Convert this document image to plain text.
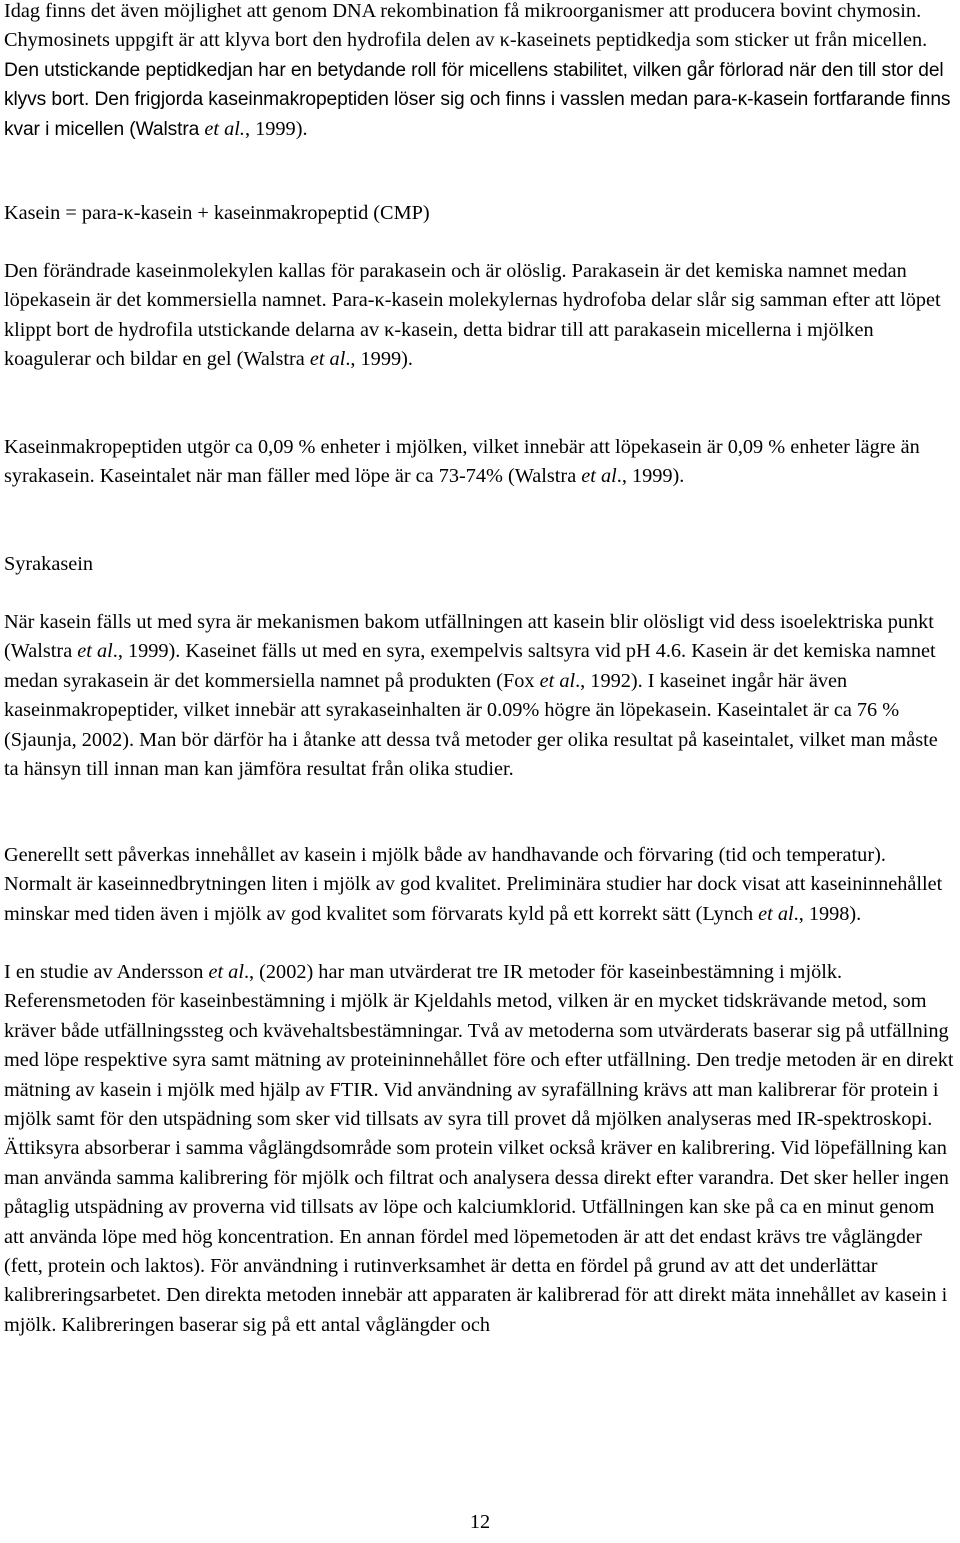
Idag finns det även möjlighet att genom DNA rekombination få mikroorganismer att producera bovint chymosin. Chymosinets uppgift är att klyva bort den hydrofila delen av κ-kaseinets peptidkedja som sticker ut från micellen. Den utstickande peptidkedjan har en betydande roll för micellens stabilitet, vilken går förlorad när den till stor del klyvs bort. Den frigjorda kaseinmakropeptiden löser sig och finns i vasslen medan para-κ-kasein fortfarande finns kvar i micellen (Walstra et al., 1999).

Kasein = para-κ-kasein + kaseinmakropeptid (CMP)

Den förändrade kaseinmolekylen kallas för parakasein och är olöslig. Parakasein är det kemiska namnet medan löpekasein är det kommersiella namnet. Para-κ-kasein molekylernas hydrofoba delar slår sig samman efter att löpet klippt bort de hydrofila utstickande delarna av κ-kasein, detta bidrar till att parakasein micellerna i mjölken koagulerar och bildar en gel (Walstra et al., 1999).

Kaseinmakropeptiden utgör ca 0,09 % enheter i mjölken, vilket innebär att löpekasein är 0,09 % enheter lägre än syrakasein. Kaseintalet när man fäller med löpe är ca 73-74% (Walstra et al., 1999).

Syrakasein

När kasein fälls ut med syra är mekanismen bakom utfällningen att kasein blir olösligt vid dess isoelektriska punkt (Walstra et al., 1999). Kaseinet fälls ut med en syra, exempelvis saltsyra vid pH 4.6. Kasein är det kemiska namnet medan syrakasein är det kommersiella namnet på produkten (Fox et al., 1992). I kaseinet ingår här även kaseinmakropeptider, vilket innebär att syrakaseinhalten är 0.09% högre än löpekasein. Kaseintalet är ca 76 % (Sjaunja, 2002). Man bör därför ha i åtanke att dessa två metoder ger olika resultat på kaseintalet, vilket man måste ta hänsyn till innan man kan jämföra resultat från olika studier.

Generellt sett påverkas innehållet av kasein i mjölk både av handhavande och förvaring (tid och temperatur). Normalt är kaseinnedbrytningen liten i mjölk av god kvalitet. Preliminära studier har dock visat att kaseininnehållet minskar med tiden även i mjölk av god kvalitet som förvarats kyld på ett korrekt sätt (Lynch et al., 1998).

I en studie av Andersson et al., (2002) har man utvärderat tre IR metoder för kaseinbestämning i mjölk. Referensmetoden för kaseinbestämning i mjölk är Kjeldahls metod, vilken är en mycket tidskrävande metod, som kräver både utfällningssteg och kvävehaltsbestämningar. Två av metoderna som utvärderats baserar sig på utfällning med löpe respektive syra samt mätning av proteininnehållet före och efter utfällning. Den tredje metoden är en direkt mätning av kasein i mjölk med hjälp av FTIR. Vid användning av syrafällning krävs att man kalibrerar för protein i mjölk samt för den utspädning som sker vid tillsats av syra till provet då mjölken analyseras med IR-spektroskopi. Ättiksyra absorberar i samma våglängdsområde som protein vilket också kräver en kalibrering. Vid löpefällning kan man använda samma kalibrering för mjölk och filtrat och analysera dessa direkt efter varandra. Det sker heller ingen påtaglig utspädning av proverna vid tillsats av löpe och kalciumklorid. Utfällningen kan ske på ca en minut genom att använda löpe med hög koncentration. En annan fördel med löpemetoden är att det endast krävs tre våglängder (fett, protein och laktos). För användning i rutinverksamhet är detta en fördel på grund av att det underlättar kalibreringsarbetet. Den direkta metoden innebär att apparaten är kalibrerad för att direkt mäta innehållet av kasein i mjölk. Kalibreringen baserar sig på ett antal våglängder och

12
